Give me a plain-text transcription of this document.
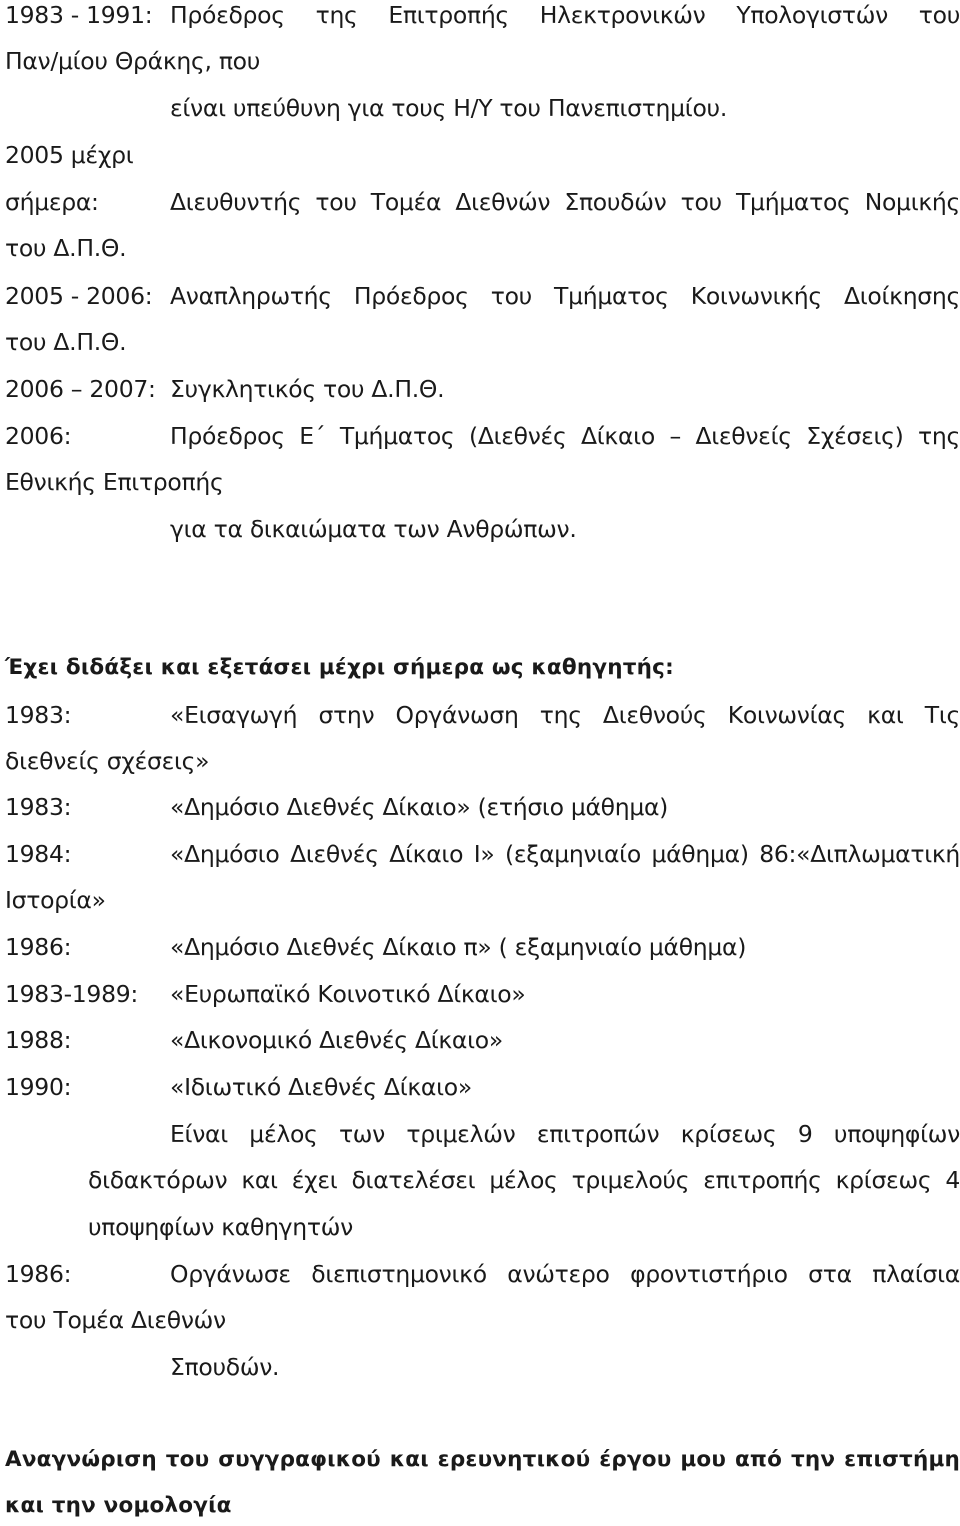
1983 - 1991: Πρόεδρος της Επιτροπής Ηλεκτρονικών Υπολογιστών του
Παν/μίου Θράκης, που
είναι υπεύθυνη για τους Η/Υ του Πανεπιστημίου.
2005 μέχρι
σήμερα:	Διευθυντής του Τομέα Διεθνών Σπουδών του Τμήματος Νομικής
του Δ.Π.Θ.
2005 - 2006: Αναπληρωτής Πρόεδρος του Τμήματος Κοινωνικής Διοίκησης
του Δ.Π.Θ.
2006 – 2007: Συγκλητικός του Δ.Π.Θ.
2006:	Πρόεδρος Ε΄ Τμήματος (Διεθνές Δίκαιο – Διεθνείς Σχέσεις) της
Εθνικής Επιτροπής
για τα δικαιώματα των Ανθρώπων.
Έχει διδάξει και εξετάσει μέχρι σήμερα ως καθηγητής:
1983:	«Εισαγωγή στην Οργάνωση της Διεθνούς Κοινωνίας και Τις
διεθνείς σχέσεις»
1983:	«Δημόσιο Διεθνές Δίκαιο» (ετήσιο μάθημα)
1984:	«Δημόσιο Διεθνές Δίκαιο I» (εξαμηνιαίο μάθημα) 86:«Διπλωματική
Ιστορία»
1986:	«Δημόσιο Διεθνές Δίκαιο π» ( εξαμηνιαίο μάθημα)
1983-1989: «Ευρωπαϊκό Κοινοτικό Δίκαιο»
1988:	«Δικονομικό Διεθνές Δίκαιο»
1990:	«Ιδιωτικό Διεθνές Δίκαιο»
Είναι μέλος των τριμελών επιτροπών κρίσεως 9 υποψηφίων
διδακτόρων και έχει διατελέσει μέλος τριμελούς επιτροπής κρίσεως 4
υποψηφίων καθηγητών
1986:	Οργάνωσε διεπιστημονικό ανώτερο φροντιστήριο στα πλαίσια
του Τομέα Διεθνών
Σπουδών.
Αναγνώριση του συγγραφικού και ερευνητικού έργου μου από την επιστήμη
και την νομολογία
